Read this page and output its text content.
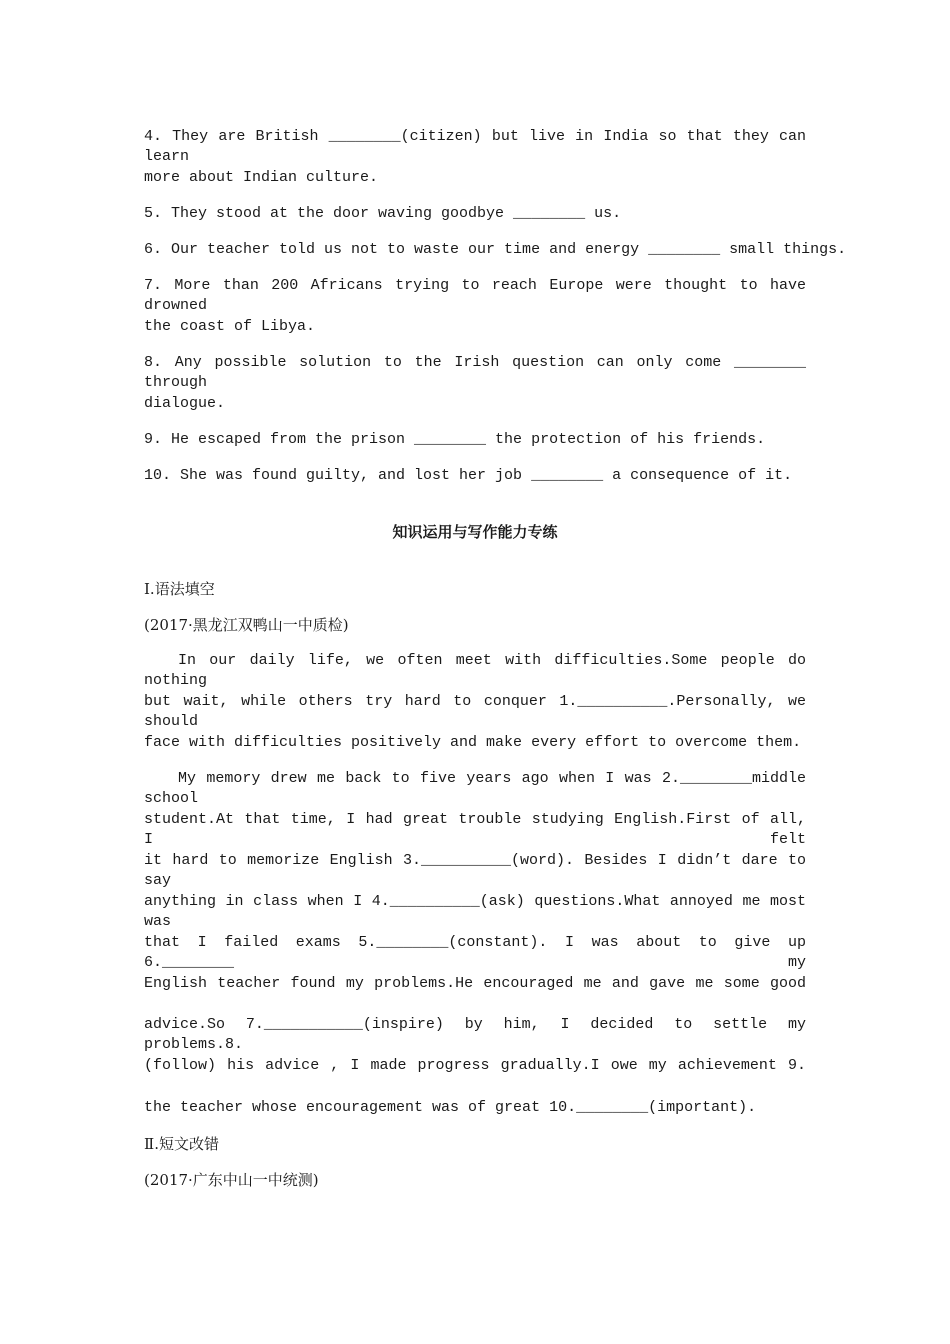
4. They are British ________(citizen) but live in India so that they can learn
more about Indian culture.
5. They stood at the door waving goodbye ________ us.
6. Our teacher told us not to waste our time and energy ________ small things.
7. More than 200 Africans trying to reach Europe were thought to have drowned
the coast of Libya.
8. Any possible solution to the Irish question can only come ________ through
dialogue.
9. He escaped from the prison ________ the protection of his friends.
10. She was found guilty, and lost her job ________ a consequence of it.
知识运用与写作能力专练
Ⅰ.语法填空
(2017·黑龙江双鸭山一中质检)
In our daily life, we often meet with difficulties.Some people do nothing
but wait, while others try hard to conquer 1.__________.Personally, we should
face with difficulties positively and make every effort to overcome them.
My memory drew me back to five years ago when I was 2.________middle school
student.At that time, I had great trouble studying English.First of all, I felt
it hard to memorize English 3.__________(word). Besides I didn’t dare to say
anything in class when I 4.__________(ask) questions.What annoyed me most was
that I failed exams 5.________(constant). I was about to give up 6.________ my
English teacher found my problems.He encouraged me and gave me some good
advice.So 7.___________(inspire) by him, I decided to settle my problems.8.
(follow) his advice , I made progress gradually.I owe my achievement 9.
the teacher whose encouragement was of great 10.________(important).
Ⅱ.短文改错
(2017·广东中山一中统测)
